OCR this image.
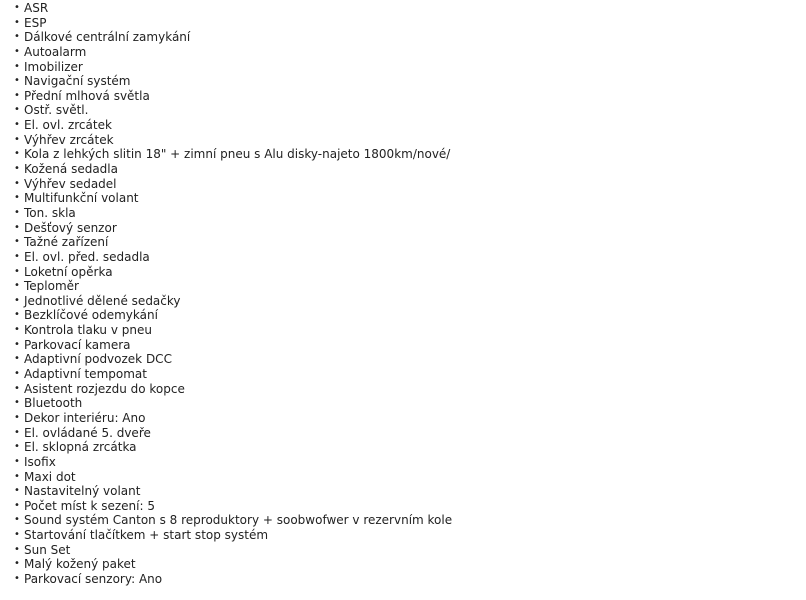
• ASR
• ESP
• Dálkové centrální zamykání
• Autoalarm
• Imobilizer
• Navigační systém
• Přední mlhová světla
• Ostř. světl.
• El. ovl. zrcátek
• Výhřev zrcátek
• Kola z lehkých slitin 18" + zimní pneu s Alu disky-najeto 1800km/nové/
• Kožená sedadla
• Výhřev sedadel
• Multifunkční volant
• Ton. skla
• Dešťový senzor
• Tažné zařízení
• El. ovl. před. sedadla
• Loketní opěrka
• Teploměr
• Jednotlivé dělené sedačky
• Bezklíčové odemykání
• Kontrola tlaku v pneu
• Parkovací kamera
• Adaptivní podvozek DCC
• Adaptivní tempomat
• Asistent rozjezdu do kopce
• Bluetooth
• Dekor interiéru: Ano
• El. ovládané 5. dveře
• El. sklopná zrcátka
• Isofix
• Maxi dot
• Nastavitelný volant
• Počet míst k sezení: 5
• Sound systém Canton s 8 reproduktory + soobwofwer v rezervním kole
• Startování tlačítkem + start stop systém
• Sun Set
• Malý kožený paket
• Parkovací senzory: Ano
